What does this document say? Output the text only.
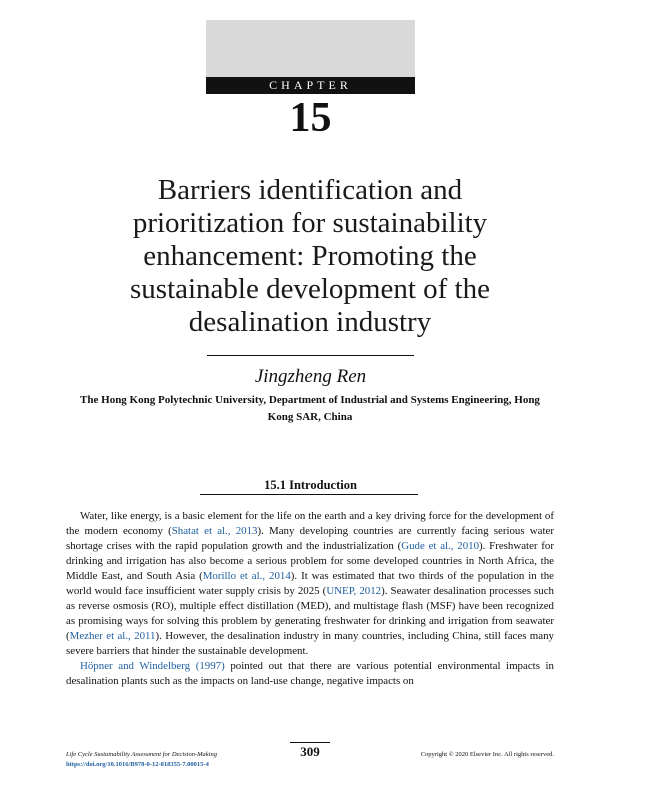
CHAPTER
15
Barriers identification and
prioritization for sustainability
enhancement: Promoting the
sustainable development of the
desalination industry
Jingzheng Ren
The Hong Kong Polytechnic University, Department of Industrial and Systems Engineering, Hong
Kong SAR, China
15.1 Introduction

Water, like energy, is a basic element for the life on the earth and a key driving force for the development of the modern economy (Shatat et al., 2013). Many developing countries are currently facing serious water shortage crises with the rapid population growth and the industrialization (Gude et al., 2010). Freshwater for drinking and irrigation has also become a serious problem for some developed countries in North Africa, the Middle East, and South Asia (Morillo et al., 2014). It was estimated that two thirds of the population in the world would face insufficient water supply crisis by 2025 (UNEP, 2012). Seawater desalination processes such as reverse osmosis (RO), multiple effect distillation (MED), and multistage flash (MSF) have been recognized as promising ways for solving this problem by generating freshwater for drinking and irrigation from seawater (Mezher et al., 2011). However, the desalination industry in many countries, including China, still faces many severe barriers that hinder the sustainable development.

Höpner and Windelberg (1997) pointed out that there are various potential environmental impacts in desalination plants such as the impacts on land-use change, negative impacts on

309
Life Cycle Sustainability Assessment for Decision-Making
https://doi.org/10.1016/B978-0-12-818355-7.00015-4
Copyright © 2020 Elsevier Inc. All rights reserved.
